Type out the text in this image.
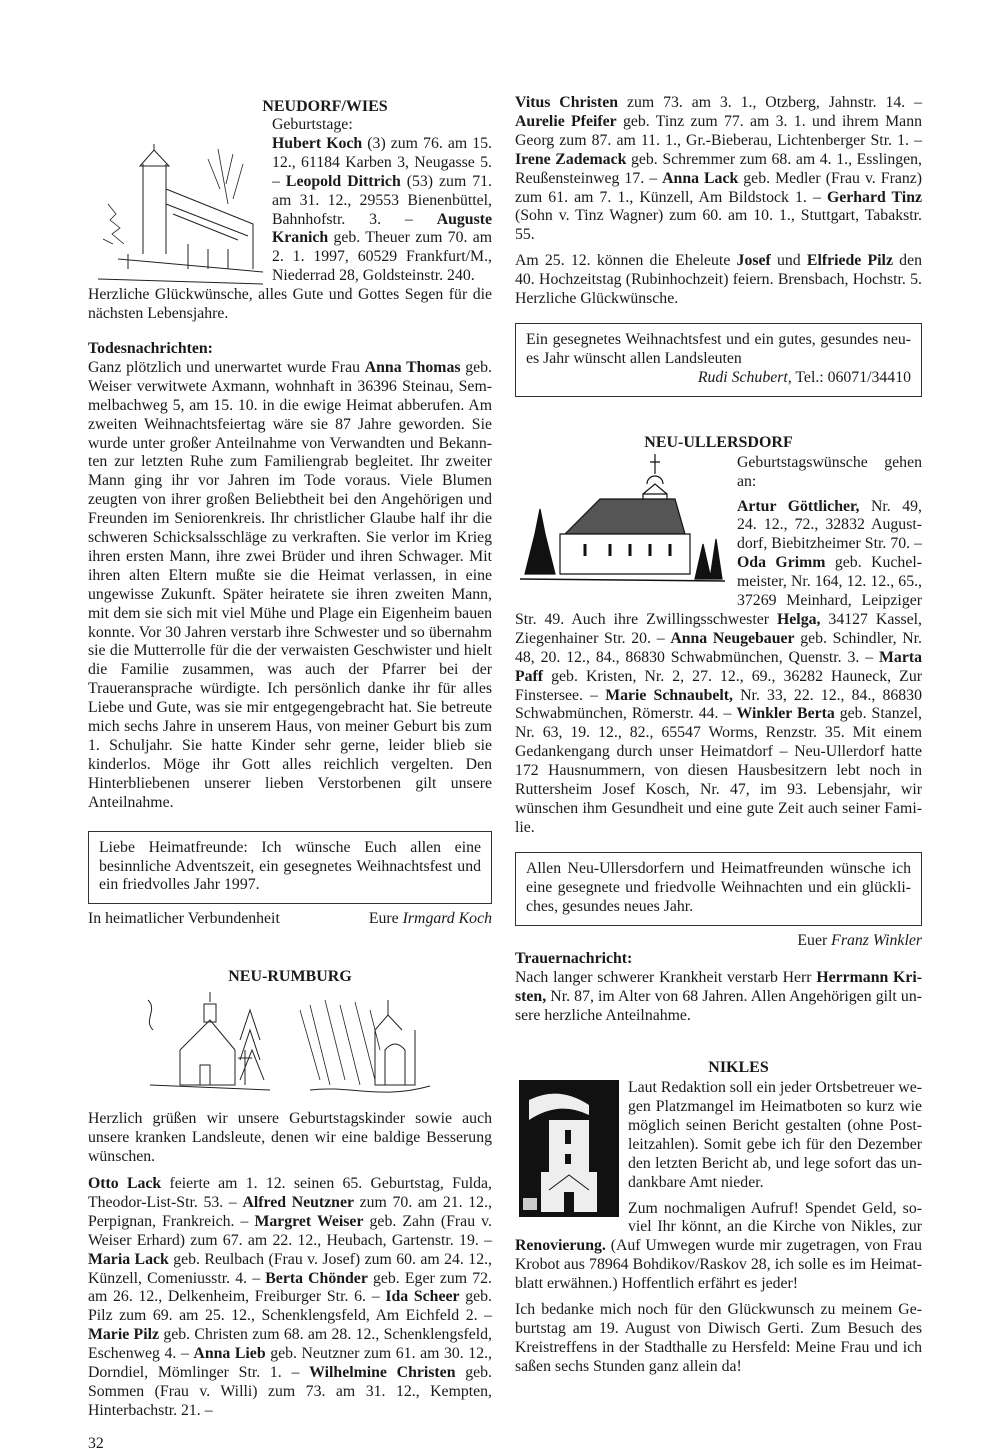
NEUDORF/WIES

Geburtstage:

Hubert Koch (3) zum 76. am 15. 12., 61184 Karben 3, Neugasse 5. – Leopold Dittrich (53) zum 71. am 31. 12., 29553 Bienenbüttel, Bahnhofstr. 3. – Auguste Kranich geb. Theuer zum 70. am 2. 1. 1997, 60529 Frankfurt/M., Niederrad 28, Goldsteinstr. 240.

Herzliche Glückwünsche, alles Gute und Gottes Segen für die nächsten Lebensjahre.

Todesnachrichten:

Ganz plötzlich und unerwartet wurde Frau Anna Thomas geb. Weiser verwitwete Axmann, wohnhaft in 36396 Steinau, Semmelbachweg 5, am 15. 10. in die ewige Heimat abberufen. Am zweiten Weihnachtsfeiertag wäre sie 87 Jahre geworden. Sie wurde unter großer Anteilnahme von Verwandten und Bekannten zur letzten Ruhe zum Familiengrab begleitet. Ihr zweiter Mann ging ihr vor Jahren im Tode voraus. Viele Blumen zeugten von ihrer großen Beliebtheit bei den Angehörigen und Freunden im Seniorenkreis. Ihr christlicher Glaube half ihr die schweren Schicksalsschläge zu verkraften. Sie verlor im Krieg ihren ersten Mann, ihre zwei Brüder und ihren Schwager. Mit ihren alten Eltern mußte sie die Heimat verlassen, in eine ungewisse Zukunft. Später heiratete sie ihren zweiten Mann, mit dem sie sich mit viel Mühe und Plage ein Eigenheim bauen konnte. Vor 30 Jahren verstarb ihre Schwester und so übernahm sie die Mutterrolle für die der verwaisten Geschwister und hielt die Familie zusammen, was auch der Pfarrer bei der Traueransprache würdigte. Ich persönlich danke ihr für alles Liebe und Gute, was sie mir entgegengebracht hat. Sie betreute mich sechs Jahre in unserem Haus, von meiner Geburt bis zum 1. Schuljahr. Sie hatte Kinder sehr gerne, leider blieb sie kinderlos. Möge ihr Gott alles reichlich vergelten. Den Hinterbliebenen unserer lieben Verstorbenen gilt unsere Anteilnahme.

Liebe Heimatfreunde: Ich wünsche Euch allen eine besinnliche Adventszeit, ein gesegnetes Weihnachtsfest und ein friedvolles Jahr 1997.

In heimatlicher Verbundenheit	Eure Irmgard Koch
NEU-RUMBURG

Herzlich grüßen wir unsere Geburtstagskinder sowie auch unsere kranken Landsleute, denen wir eine baldige Besserung wünschen.

Otto Lack feierte am 1. 12. seinen 65. Geburtstag, Fulda, Theodor-List-Str. 53. – Alfred Neutzner zum 70. am 21. 12., Perpignan, Frankreich. – Margret Weiser geb. Zahn (Frau v. Weiser Erhard) zum 67. am 22. 12., Heubach, Gartenstr. 19. – Maria Lack geb. Reulbach (Frau v. Josef) zum 60. am 24. 12., Künzell, Comeniusstr. 4. – Berta Chönder geb. Eger zum 72. am 26. 12., Delkenheim, Freiburger Str. 6. – Ida Scheer geb. Pilz zum 69. am 25. 12., Schenklengsfeld, Am Eichfeld 2. – Marie Pilz geb. Christen zum 68. am 28. 12., Schenklengsfeld, Eschenweg 4. – Anna Lieb geb. Neutzner zum 61. am 30. 12., Dorndiel, Mömlinger Str. 1. – Wilhelmine Christen geb. Sommen (Frau v. Willi) zum 73. am 31. 12., Kempten, Hinterbachstr. 21. –

32

Vitus Christen zum 73. am 3. 1., Otzberg, Jahnstr. 14. – Aurelie Pfeifer geb. Tinz zum 77. am 3. 1. und ihrem Mann Georg zum 87. am 11. 1., Gr.-Bieberau, Lichtenberger Str. 1. – Irene Zademack geb. Schremmer zum 68. am 4. 1., Esslingen, Reußensteinweg 17. – Anna Lack geb. Medler (Frau v. Franz) zum 61. am 7. 1., Künzell, Am Bildstock 1. – Gerhard Tinz (Sohn v. Tinz Wagner) zum 60. am 10. 1., Stuttgart, Tabakstr. 55.

Am 25. 12. können die Eheleute Josef und Elfriede Pilz den 40. Hochzeitstag (Rubinhochzeit) feiern. Brensbach, Hochstr. 5. Herzliche Glückwünsche.

Ein gesegnetes Weihnachtsfest und ein gutes, gesundes neues Jahr wünscht allen Landsleuten

Rudi Schubert, Tel.: 06071/34410

NEU-ULLERSDORF

Geburtstagswünsche gehen an:

Artur Göttlicher, Nr. 49, 24. 12., 72., 32832 Augustdorf, Biebitzheimer Str. 70. – Oda Grimm geb. Kuchelmeister, Nr. 164, 12. 12., 65., 37269 Meinhard, Leipziger Str. 49. Auch ihre Zwillingsschwester Helga, 34127 Kassel, Ziegenhainer Str. 20. – Anna Neugebauer geb. Schindler, Nr. 48, 20. 12., 84., 86830 Schwabmünchen, Quenstr. 3. – Marta Paff geb. Kristen, Nr. 2, 27. 12., 69., 36282 Hauneck, Zur Finstersee. – Marie Schnaubelt, Nr. 33, 22. 12., 84., 86830 Schwabmünchen, Römerstr. 44. – Winkler Berta geb. Stanzel, Nr. 63, 19. 12., 82., 65547 Worms, Renzstr. 35. Mit einem Gedankengang durch unser Heimatdorf – Neu-Ullerdorf hatte 172 Hausnummern, von diesen Hausbesitzern lebt noch in Ruttersheim Josef Kosch, Nr. 47, im 93. Lebensjahr, wir wünschen ihm Gesundheit und eine gute Zeit auch seiner Familie.

Allen Neu-Ullersdorfern und Heimatfreunden wünsche ich eine gesegnete und friedvolle Weihnachten und ein glückliches, gesundes neues Jahr.

Euer Franz Winkler

Trauernachricht:

Nach langer schwerer Krankheit verstarb Herr Herrmann Kristen, Nr. 87, im Alter von 68 Jahren. Allen Angehörigen gilt unsere herzliche Anteilnahme.

NIKLES

Laut Redaktion soll ein jeder Ortsbetreuer wegen Platzmangel im Heimatboten so kurz wie möglich seinen Bericht gestalten (ohne Postleitzahlen). Somit gebe ich für den Dezember den letzten Bericht ab, und lege sofort das undankbare Amt nieder.

Zum nochmaligen Aufruf! Spendet Geld, soviel Ihr könnt, an die Kirche von Nikles, zur Renovierung. (Auf Umwegen wurde mir zugetragen, von Frau Krobot aus 78964 Bohdikov/Raskov 28, ich solle es im Heimatblatt erwähnen.) Hoffentlich erfährt es jeder!

Ich bedanke mich noch für den Glückwunsch zu meinem Geburtstag am 19. August von Diwisch Gerti. Zum Besuch des Kreistreffens in der Stadthalle zu Hersfeld: Meine Frau und ich saßen sechs Stunden ganz allein da!
